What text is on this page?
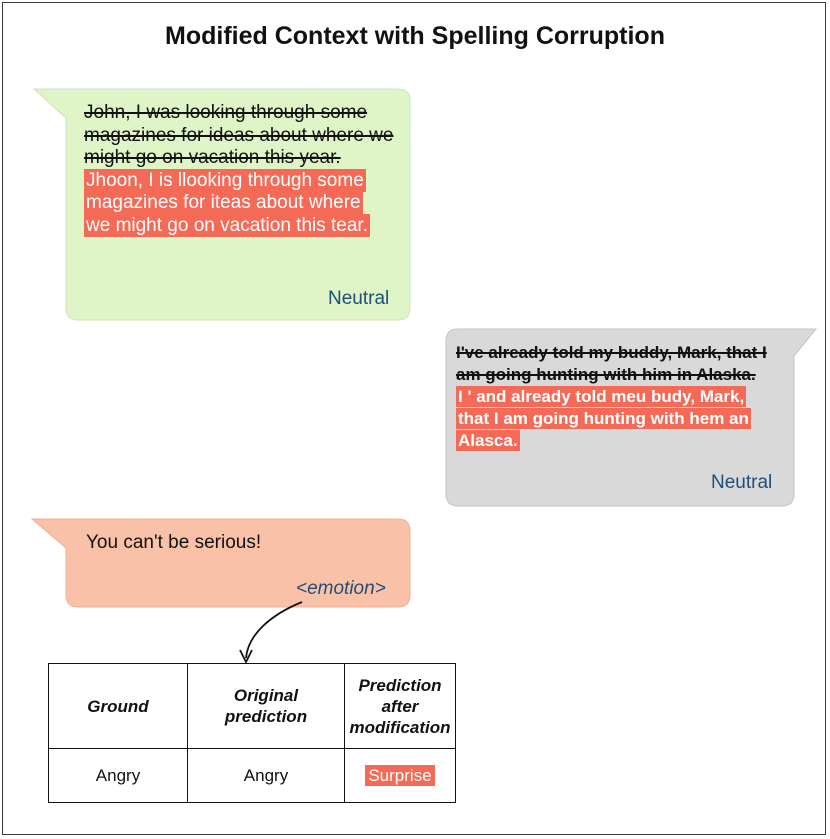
Modified Context with Spelling Corruption
John, I was looking through some magazines for ideas about where we might go on vacation this year.
Jhoon, I is llooking through some
magazines for iteas about where
we might go on vacation this tear.
Neutral
I've already told my buddy, Mark, that I am going hunting with him in Alaska.
I ' and already told meu budy, Mark,
that I am going hunting with hem an
Alasca.
Neutral
You can't be serious!
<emotion>
Ground	Original prediction	Prediction after modification
Angry	Angry	Surprise
